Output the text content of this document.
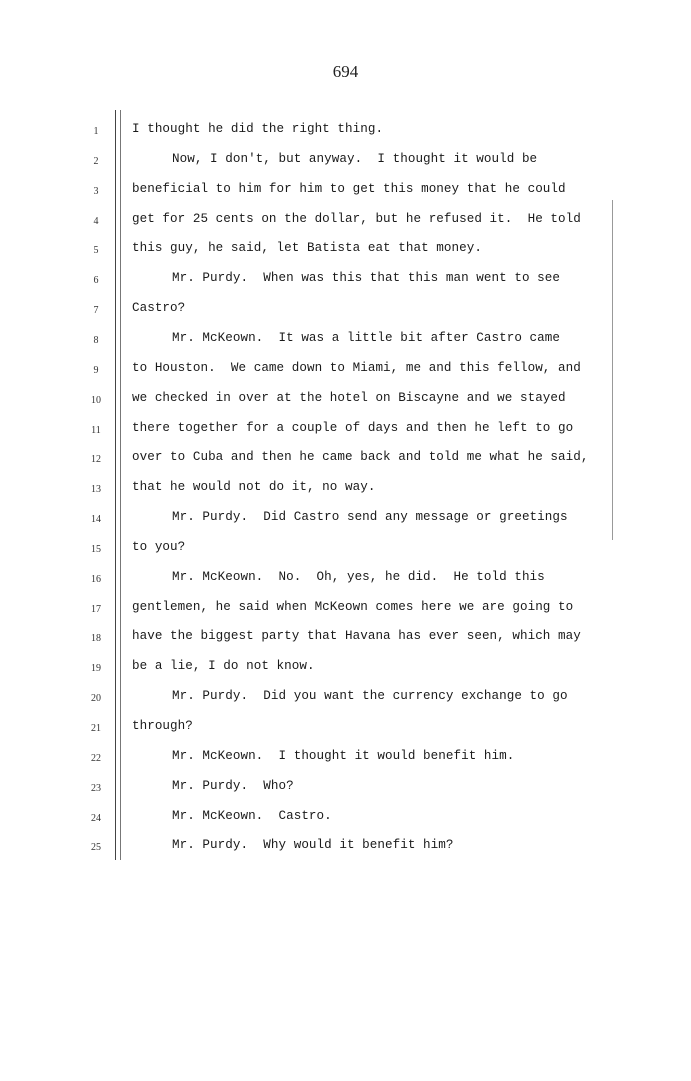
694
1	I thought he did the right thing.
2	Now, I don't, but anyway.  I thought it would be
3	beneficial to him for him to get this money that he could
4	get for 25 cents on the dollar, but he refused it.  He told
5	this guy, he said, let Batista eat that money.
6	Mr. Purdy.  When was this that this man went to see
7	Castro?
8	Mr. McKeown.  It was a little bit after Castro came
9	to Houston.  We came down to Miami, me and this fellow, and
10	we checked in over at the hotel on Biscayne and we stayed
11	there together for a couple of days and then he left to go
12	over to Cuba and then he came back and told me what he said,
13	that he would not do it, no way.
14	Mr. Purdy.  Did Castro send any message or greetings
15	to you?
16	Mr. McKeown.  No.  Oh, yes, he did.  He told this
17	gentlemen, he said when McKeown comes here we are going to
18	have the biggest party that Havana has ever seen, which may
19	be a lie, I do not know.
20	Mr. Purdy.  Did you want the currency exchange to go
21	through?
22	Mr. McKeown.  I thought it would benefit him.
23	Mr. Purdy.  Who?
24	Mr. McKeown.  Castro.
25	Mr. Purdy.  Why would it benefit him?
